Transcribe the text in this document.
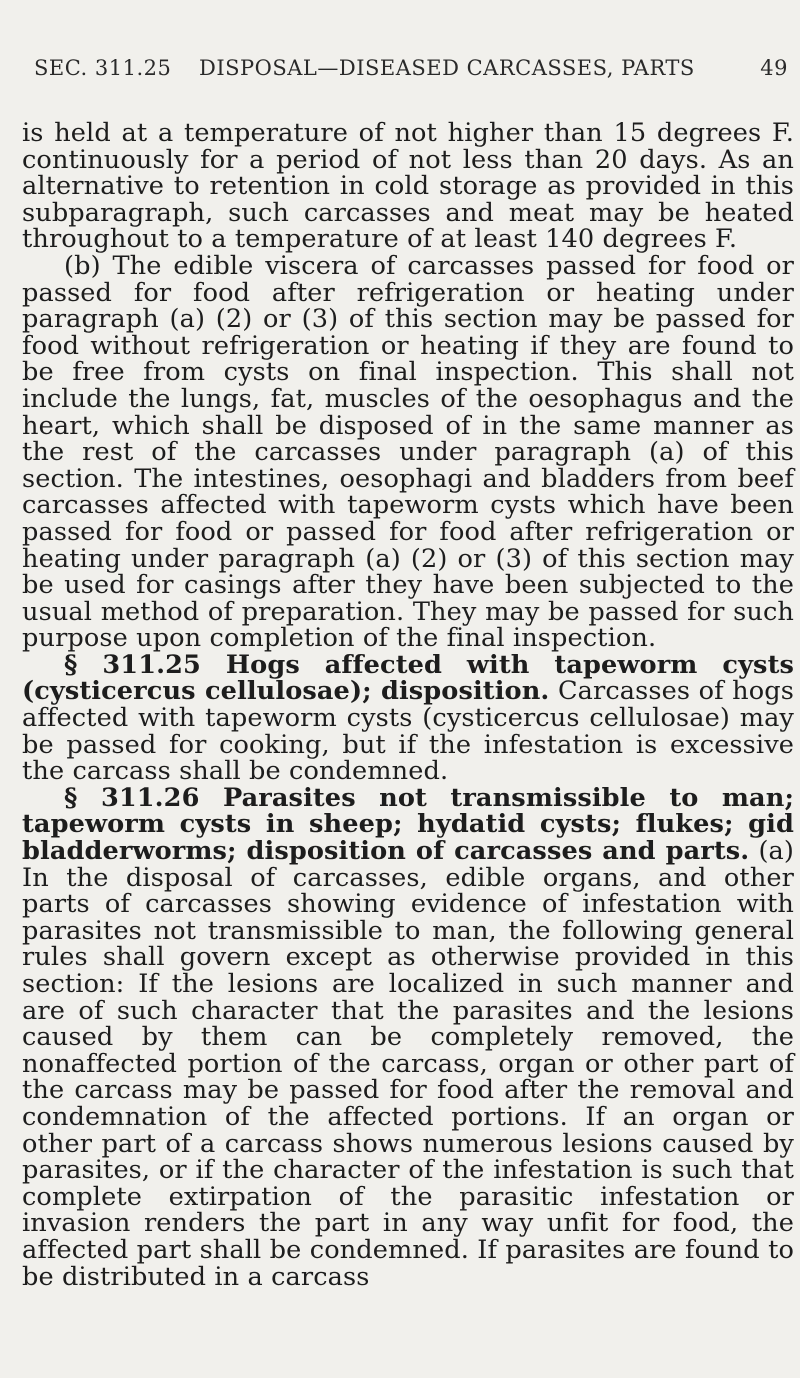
SEC. 311.25 DISPOSAL—DISEASED CARCASSES, PARTS	49

is held at a temperature of not higher than 15 degrees F. continuously for a period of not less than 20 days. As an alternative to retention in cold storage as provided in this subparagraph, such carcasses and meat may be heated throughout to a temperature of at least 140 degrees F.

(b) The edible viscera of carcasses passed for food or passed for food after refrigeration or heating under paragraph (a) (2) or (3) of this section may be passed for food without refrigeration or heating if they are found to be free from cysts on final inspection. This shall not include the lungs, fat, muscles of the oesophagus and the heart, which shall be disposed of in the same manner as the rest of the carcasses under paragraph (a) of this section. The intestines, oesophagi and bladders from beef carcasses affected with tapeworm cysts which have been passed for food or passed for food after refrigeration or heating under paragraph (a) (2) or (3) of this section may be used for casings after they have been subjected to the usual method of preparation. They may be passed for such purpose upon completion of the final inspection.

§ 311.25 Hogs affected with tapeworm cysts (cysticercus cellulosae); disposition. Carcasses of hogs affected with tapeworm cysts (cysticercus cellulosae) may be passed for cooking, but if the infestation is excessive the carcass shall be condemned.

§ 311.26 Parasites not transmissible to man; tapeworm cysts in sheep; hydatid cysts; flukes; gid bladderworms; disposition of carcasses and parts. (a) In the disposal of carcasses, edible organs, and other parts of carcasses showing evidence of infestation with parasites not transmissible to man, the following general rules shall govern except as otherwise provided in this section: If the lesions are localized in such manner and are of such character that the parasites and the lesions caused by them can be completely removed, the nonaffected portion of the carcass, organ or other part of the carcass may be passed for food after the removal and condemnation of the affected portions. If an organ or other part of a carcass shows numerous lesions caused by parasites, or if the character of the infestation is such that complete extirpation of the parasitic infestation or invasion renders the part in any way unfit for food, the affected part shall be condemned. If parasites are found to be distributed in a carcass
